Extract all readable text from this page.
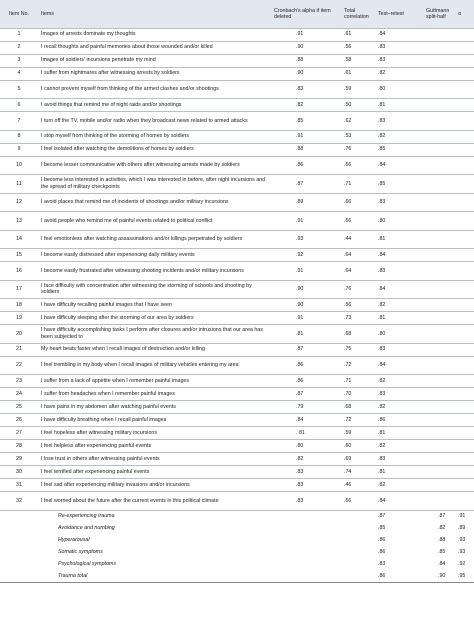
Item No.	Items	Cronbach's alpha if item deleted	Total correlation	Test–retest	Guttmann split-half	α
1	Images of arrests dominate my thoughts	.91	.61	.84		
2	I recall thoughts and painful memories about those wounded and/or killed	.90	.56	.83		
3	Images of soldiers' incursions penetrate my mind	.88	.58	.83		
4	I suffer from nightmares after witnessing arrests by soldiers	.90	.61	.82		
5	I cannot prevent myself from thinking of the armed clashes and/or shootings	.83	.59	.80		
6	I avoid things that remind me of night raids and/or shootings	.82	.50	.81		
7	I turn off the TV, mobile and/or radio when they broadcast news related to armed attacks	.85	.62	.83		
8	I stop myself from thinking of the storming of homes by soldiers	.91	.53	.82		
9	I feel isolated after watching the demolitions of homes by soldiers	.88	.76	.85		
10	I become lesser communicative with others after witnessing arrests made by soldiers	.86	.66	.84		
11	I become less interested in activities, which I was interested in before, after night incursions and the spread of military checkpoints	.87	.71	.85		
12	I avoid places that remind me of incidents of shootings and/or military incursions	.89	.66	.83		
13	I avoid people who remind me of painful events related to political conflict	.91	.66	.80		
14	I feel emotionless after watching assassinations and/or killings perpetrated by soldiers	.93	.44	.81		
15	I become easily distressed after experiencing daily military events	.92	.64	.84		
16	I become easily frustrated after witnessing shooting incidents and/or military incursions	.91	.64	.83		
17	I face difficulty with concentration after witnessing the storming of schools and shooting by soldiers	.90	.76	.84		
18	I have difficulty recalling painful images that I have seen	.90	.56	.82		
19	I have difficulty sleeping after the storming of our area by soldiers	.91	.73	.81		
20	I have difficulty accomplishing tasks I perform after closures and/or intrusions that our area has been subjected to	.81	.68	.80		
21	My heart beats faster when I recall images of destruction and/or killing	.87	.75	.83		
22	I feel trembling in my body when I recall images of military vehicles entering my area	.86	.72	.84		
23	I suffer from a lack of appetite when I remember painful images	.86	.71	.82		
24	I suffer from headaches when I remember painful images	.87	.70	.83		
25	I have pains in my abdomen after watching painful events	.79	.68	.82		
26	I have difficulty breathing when I recall painful images	.84	.72	.86		
27	I feel hopeless after witnessing military incursions	. 81	.59	.81		
28	I feel helpless after experiencing painful events	.80	.60	.82		
29	I lose trust in others after witnessing painful events	.82	.69	.83		
30	I feel terrified after experiencing painful events	.83	.74	.81		
31	I feel sad after experiencing military invasions and/or incursions	.83	.46	.82		
32	I feel worried about the future after the current events in this political climate	.83	.66	.84		
	Re-experiencing trauma			.87	.87	.91
	Avoidance and numbing			.85	.82	.89
	Hyperarousal			.86	.88	.93
	Somatic symptoms			.86	.85	.93
	Psychological symptoms			.83	.84	.92
	Trauma total			.86	.90	.95
